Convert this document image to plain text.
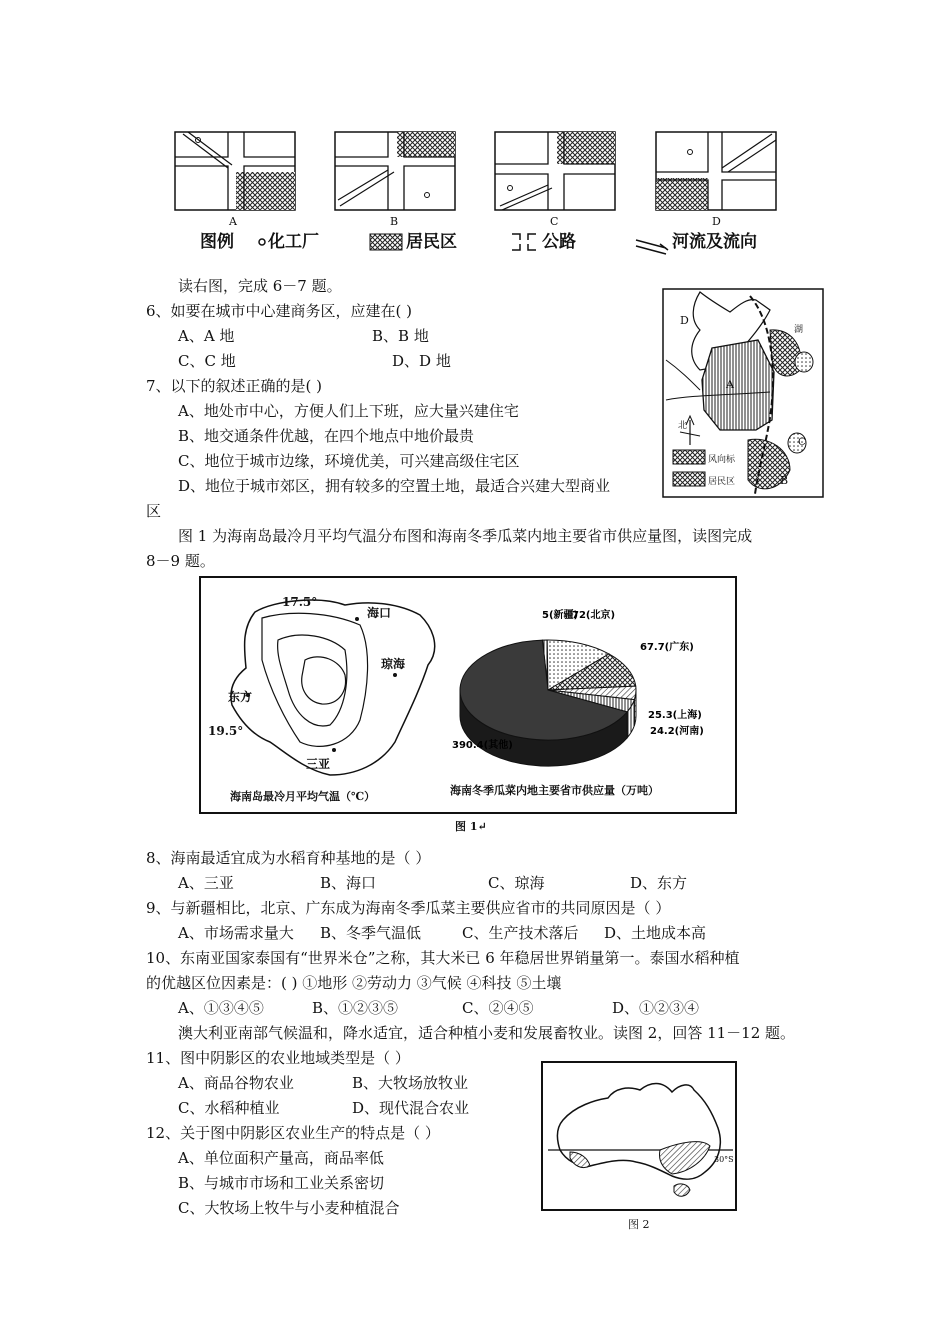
5(新疆)
72(北京)
67.7(广东)
25.3(上海)
24.2(河南)
390.4(其他)
A	B	C	D
图例 化工厂	居民区	公路	河流及流向
D
湖
A
C
B
北
风向标
居民区
读右图，完成 6－7 题。
6、如要在城市中心建商务区，应建在( )
A、A 地	B、B 地
C、C 地	D、D 地
7、以下的叙述正确的是( )
A、地处市中心，方便人们上下班，应大量兴建住宅
B、地交通条件优越，在四个地点中地价最贵
C、地位于城市边缘，环境优美，可兴建高级住宅区
D、地位于城市郊区，拥有较多的空置土地，最适合兴建大型商业
区
图 1 为海南岛最冷月平均气温分布图和海南冬季瓜菜内地主要省市供应量图，读图完成
8－9 题。
17.5°
海口
琼海
东方
19.5°
三亚
海南岛最冷月平均气温（℃）	海南冬季瓜菜内地主要省市供应量（万吨）
图 1↵
8、海南最适宜成为水稻育种基地的是（ ）
A、三亚	B、海口	C、琼海	D、东方
9、与新疆相比，北京、广东成为海南冬季瓜菜主要供应省市的共同原因是（ ）
A、市场需求量大 B、冬季气温低	C、生产技术落后 D、土地成本高
10、东南亚国家泰国有“世界米仓”之称，其大米已 6 年稳居世界销量第一。泰国水稻种植
的优越区位因素是：( ) ①地形 ②劳动力 ③气候 ④科技 ⑤土壤
A、①③④⑤	B、①②③⑤	C、②④⑤	D、①②③④
澳大利亚南部气候温和，降水适宜，适合种植小麦和发展畜牧业。读图 2，回答 11－12 题。
11、图中阴影区的农业地域类型是（ ）
A、商品谷物农业	B、大牧场放牧业
C、水稻种植业	D、现代混合农业
12、关于图中阴影区农业生产的特点是（ ）
A、单位面积产量高，商品率低
B、与城市市场和工业关系密切
C、大牧场上牧牛与小麦种植混合
30°S
图 2
